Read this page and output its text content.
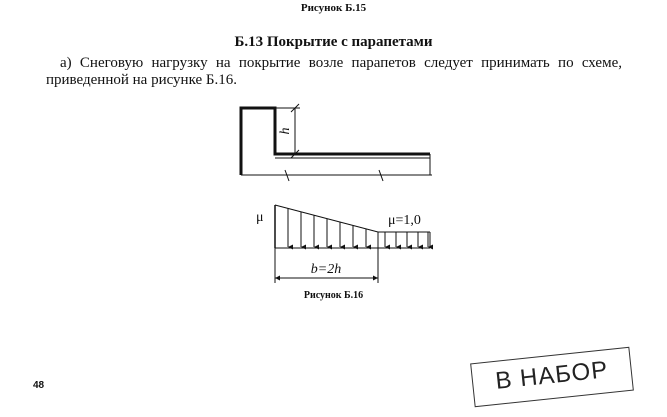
Рисунок Б.15
Б.13 Покрытие с парапетами
а) Снеговую нагрузку на покрытие возле парапетов следует принимать по схеме, приведенной на рисунке Б.16.
h
μ	μ=1,0
b=2h
Рисунок Б.16
48	В НАБОР
